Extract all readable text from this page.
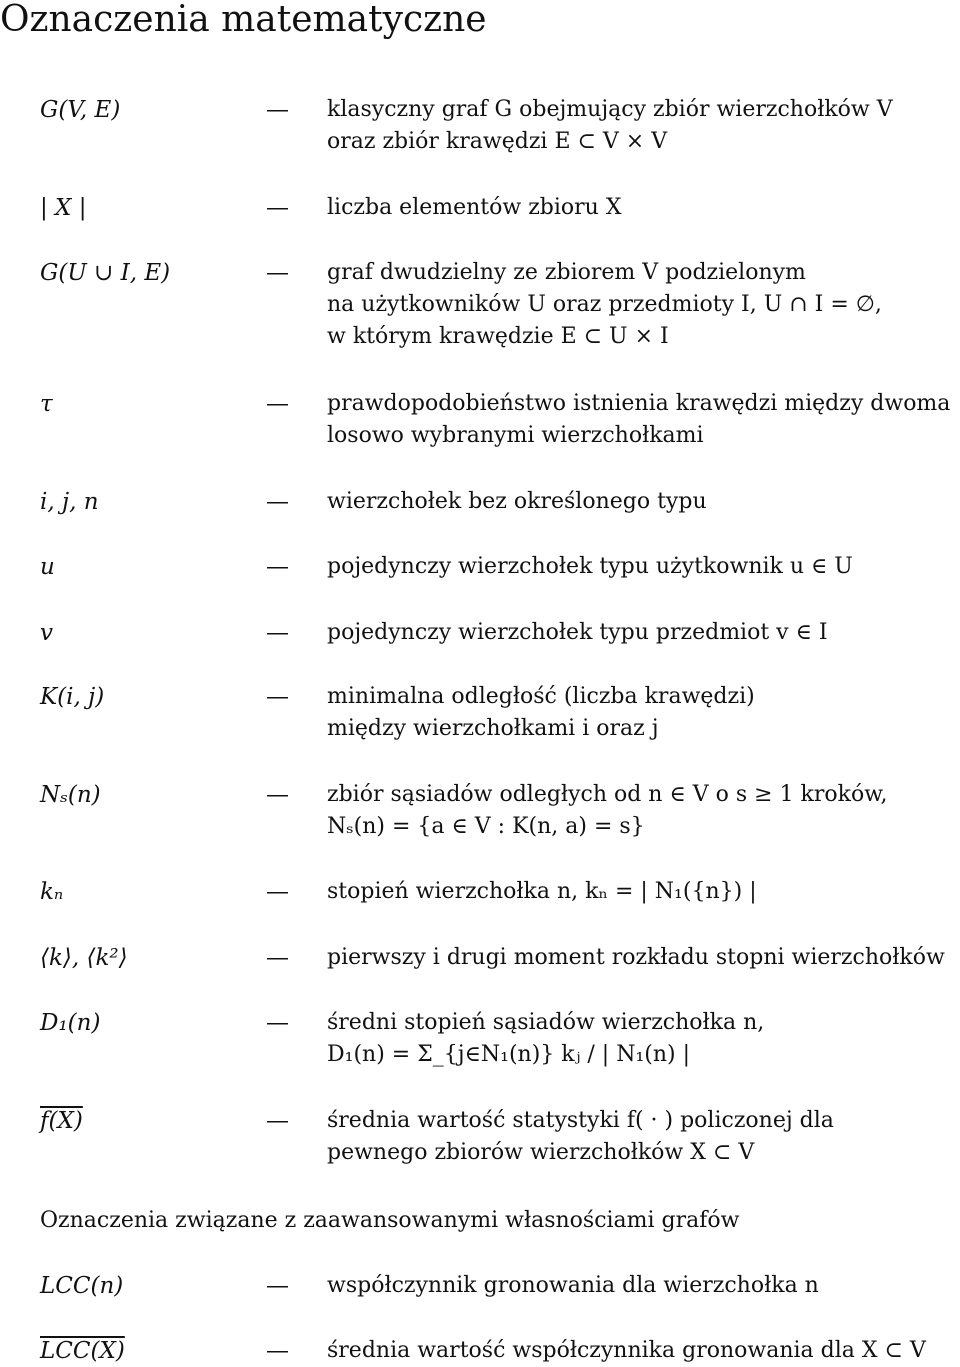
Oznaczenia matematyczne
G(V, E)	— klasyczny graf G obejmujący zbiór wierzchołków V
oraz zbiór krawędzi E ⊂ V × V
| X |	— liczba elementów zbioru X
G(U ∪ I, E)	— graf dwudzielny ze zbiorem V podzielonym
na użytkowników U oraz przedmioty I, U ∩ I = ∅,
w którym krawędzie E ⊂ U × I
τ	— prawdopodobieństwo istnienia krawędzi między dwoma
losowo wybranymi wierzchołkami
i, j, n	— wierzchołek bez określonego typu
u	— pojedynczy wierzchołek typu użytkownik u ∈ U
v	— pojedynczy wierzchołek typu przedmiot v ∈ I
K(i, j)	— minimalna odległość (liczba krawędzi)
między wierzchołkami i oraz j
Nₛ(n)	— zbiór sąsiadów odległych od n ∈ V o s ≥ 1 kroków,
Nₛ(n) = {a ∈ V : K(n, a) = s}
kₙ	— stopień wierzchołka n, kₙ = | N₁({n}) |
⟨k⟩, ⟨k²⟩	— pierwszy i drugi moment rozkładu stopni wierzchołków
D₁(n)	— średni stopień sąsiadów wierzchołka n,
D₁(n) = Σ_{j∈N₁(n)} kⱼ / | N₁(n) |
f(X)	— średnia wartość statystyki f( · ) policzonej dla
pewnego zbiorów wierzchołków X ⊂ V
Oznaczenia związane z zaawansowanymi własnościami grafów
LCC(n)	— współczynnik gronowania dla wierzchołka n
LCC(X)	— średnia wartość współczynnika gronowania dla X ⊂ V
